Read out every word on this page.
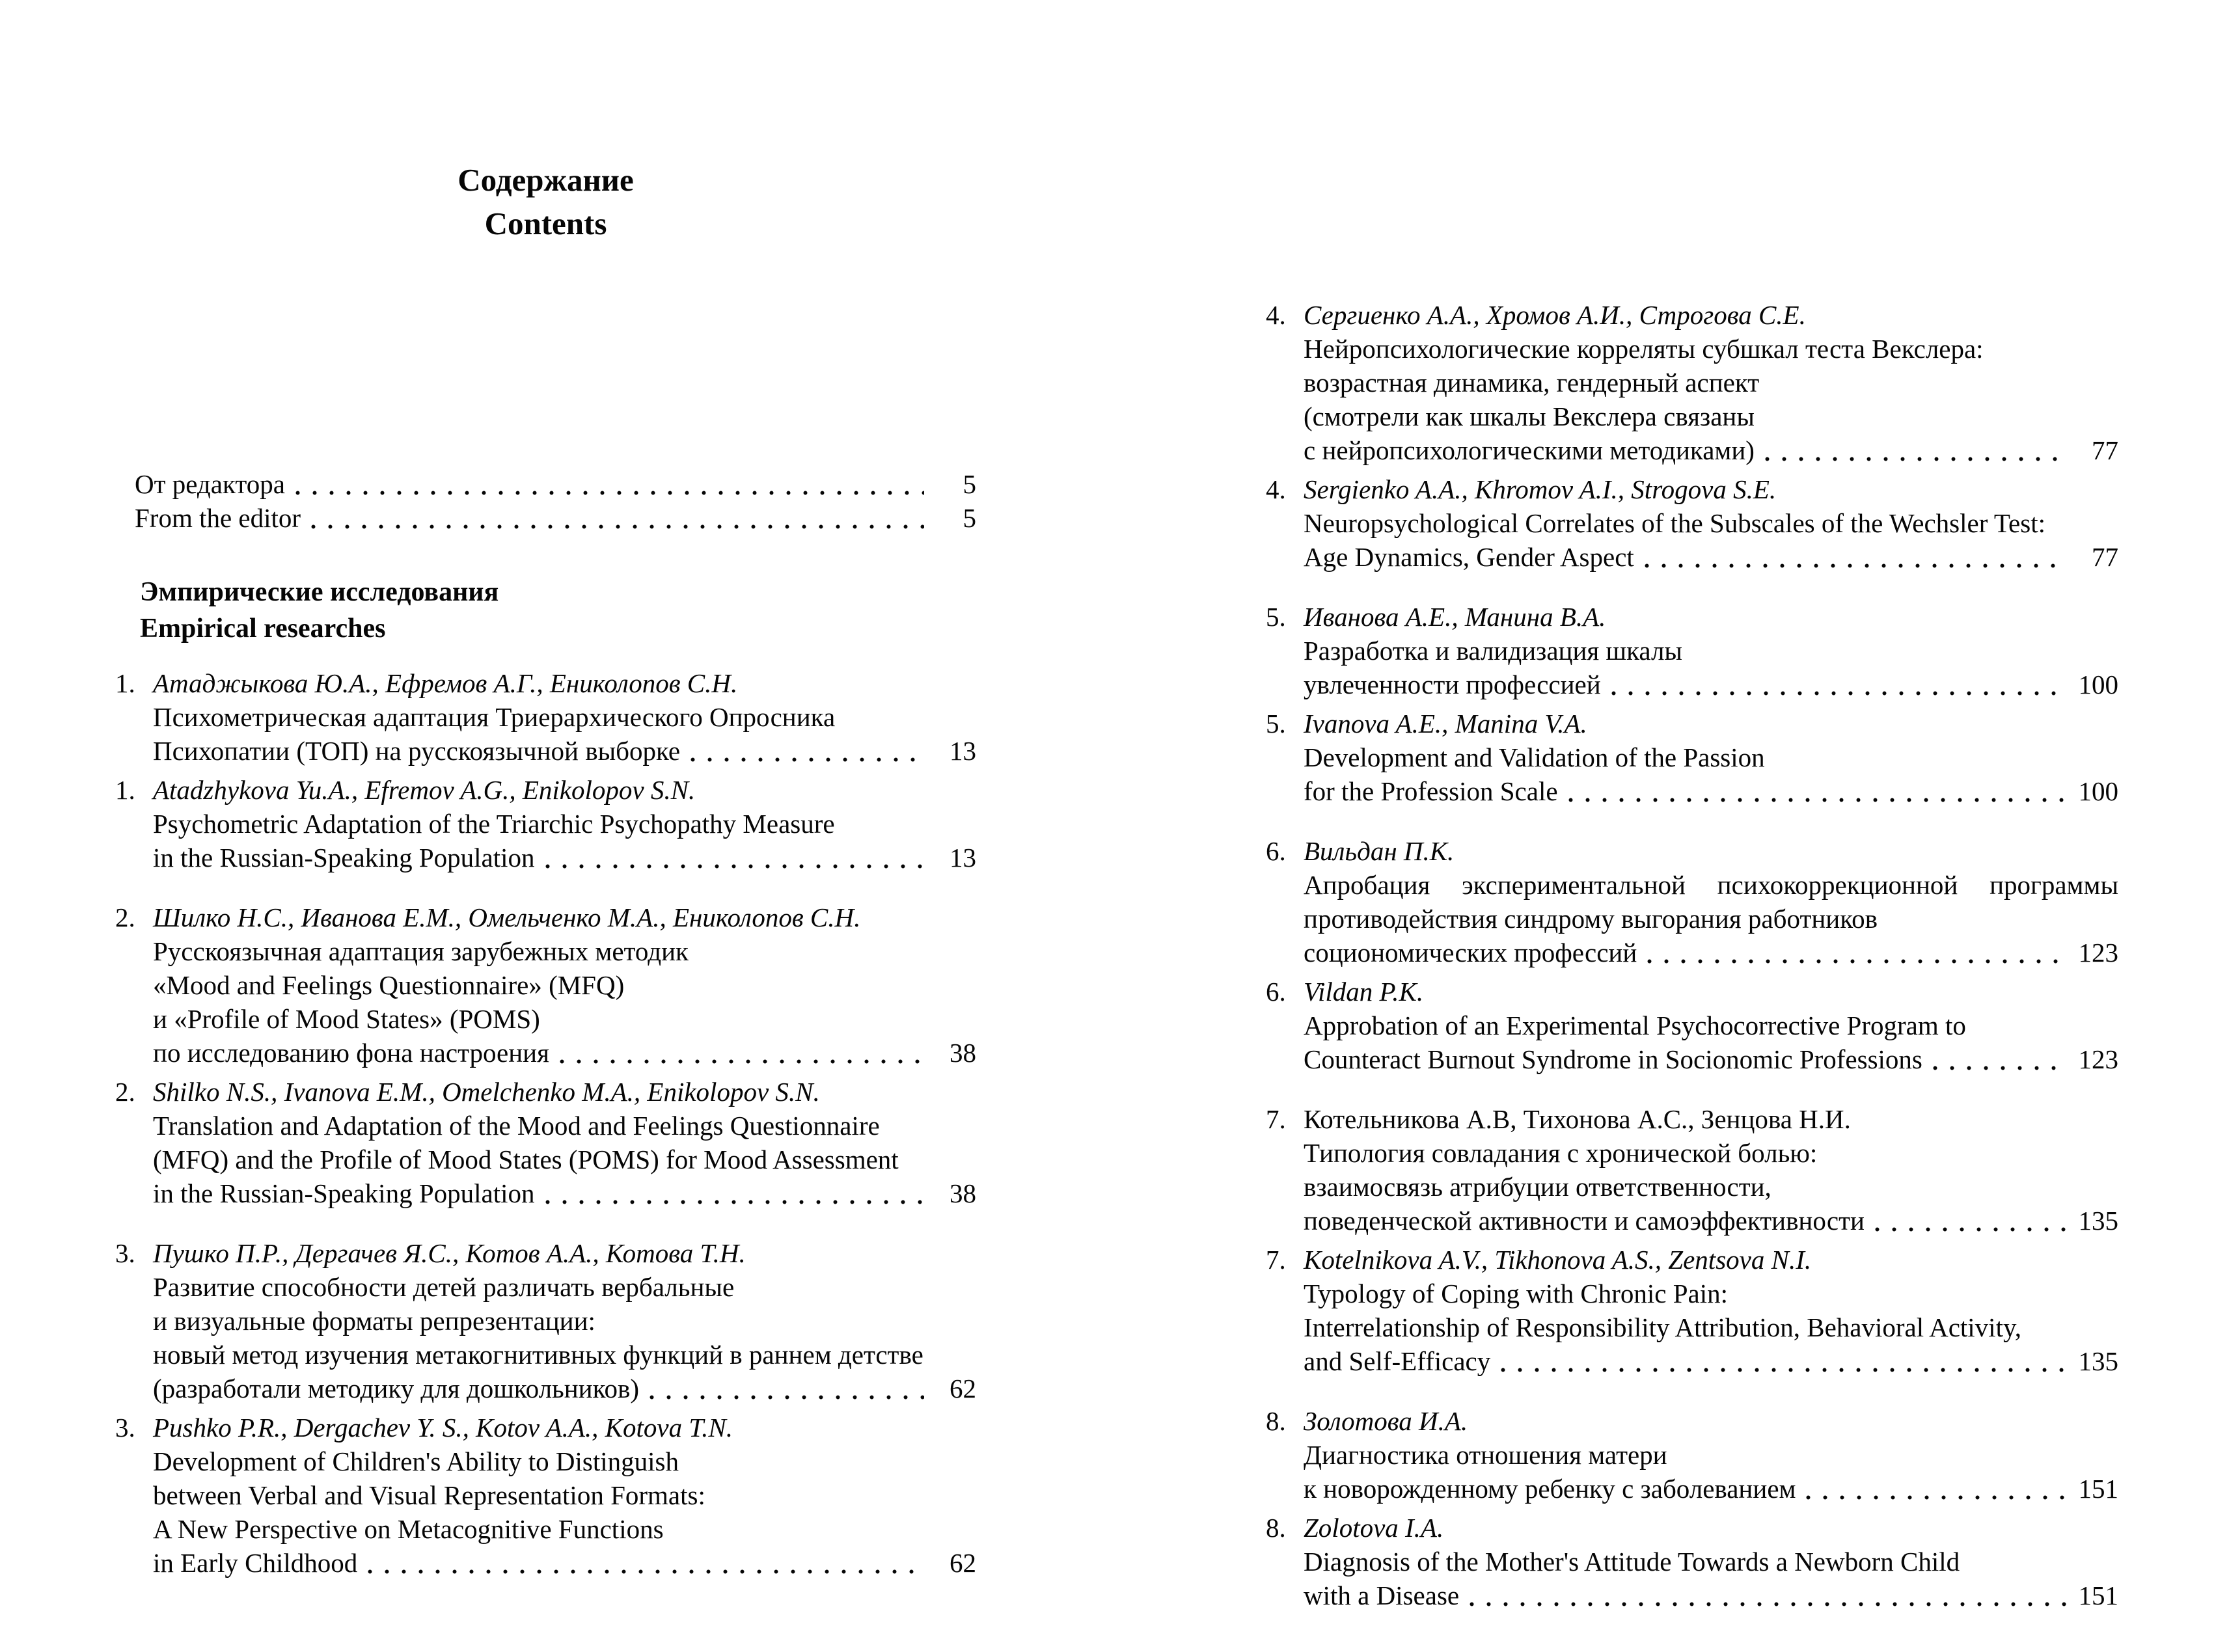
Содержание
Contents
От редактора	5
From the editor	5
Эмпирические исследования
Empirical researches
1. Атаджыкова Ю.А., Ефремов А.Г., Ениколопов С.Н.
Психометрическая адаптация Триерархического Опросника
Психопатии (ТОП) на русскоязычной выборке	13
1. Atadzhykova Yu.A., Efremov A.G., Enikolopov S.N.
Psychometric Adaptation of the Triarchic Psychopathy Measure
in the Russian-Speaking Population	13
2. Шилко Н.С., Иванова Е.М., Омельченко М.А., Ениколопов С.Н.
Русскоязычная адаптация зарубежных методик
«Mood and Feelings Questionnaire» (MFQ)
и «Profile of Mood States» (POMS)
по исследованию фона настроения	38
2. Shilko N.S., Ivanova E.M., Omelchenko M.A., Enikolopov S.N.
Translation and Adaptation of the Mood and Feelings Questionnaire
(MFQ) and the Profile of Mood States (POMS) for Mood Assessment
in the Russian-Speaking Population	38
3. Пушко П.Р., Дергачев Я.С., Котов А.А., Котова Т.Н.
Развитие способности детей различать вербальные
и визуальные форматы репрезентации:
новый метод изучения метакогнитивных функций в раннем детстве
(разработали методику для дошкольников)	62
3. Pushko P.R., Dergachev Y. S., Kotov A.A., Kotova T.N.
Development of Children's Ability to Distinguish
between Verbal and Visual Representation Formats:
A New Perspective on Metacognitive Functions
in Early Childhood	62
4. Сергиенко А.А., Хромов А.И., Строгова С.Е.
Нейропсихологические корреляты субшкал теста Векслера:
возрастная динамика, гендерный аспект
(смотрели как шкалы Векслера связаны
с нейропсихологическими методиками)	77
4. Sergienko A.A., Khromov A.I., Strogova S.E.
Neuropsychological Correlates of the Subscales of the Wechsler Test:
Age Dynamics, Gender Aspect	77
5. Иванова А.Е., Манина В.А.
Разработка и валидизация шкалы
увлеченности профессией	100
5. Ivanova A.E., Manina V.A.
Development and Validation of the Passion
for the Profession Scale	100
6. Вильдан П.К.
Апробация экспериментальной психокоррекционной программы
противодействия синдрому выгорания работников
социономических профессий	123
6. Vildan P.K.
Approbation of an Experimental Psychocorrective Program to
Counteract Burnout Syndrome in Socionomic Professions	123
7. Котельникова А.В, Тихонова А.С., Зенцова Н.И.
Типология совладания с хронической болью:
взаимосвязь атрибуции ответственности,
поведенческой активности и самоэффективности	135
7. Kotelnikova A.V., Tikhonova A.S., Zentsova N.I.
Typology of Coping with Chronic Pain:
Interrelationship of Responsibility Attribution, Behavioral Activity,
and Self-Efficacy	135
8. Золотова И.А.
Диагностика отношения матери
к новорожденному ребенку с заболеванием	151
8. Zolotova I.A.
Diagnosis of the Mother's Attitude Towards a Newborn Child
with a Disease	151
